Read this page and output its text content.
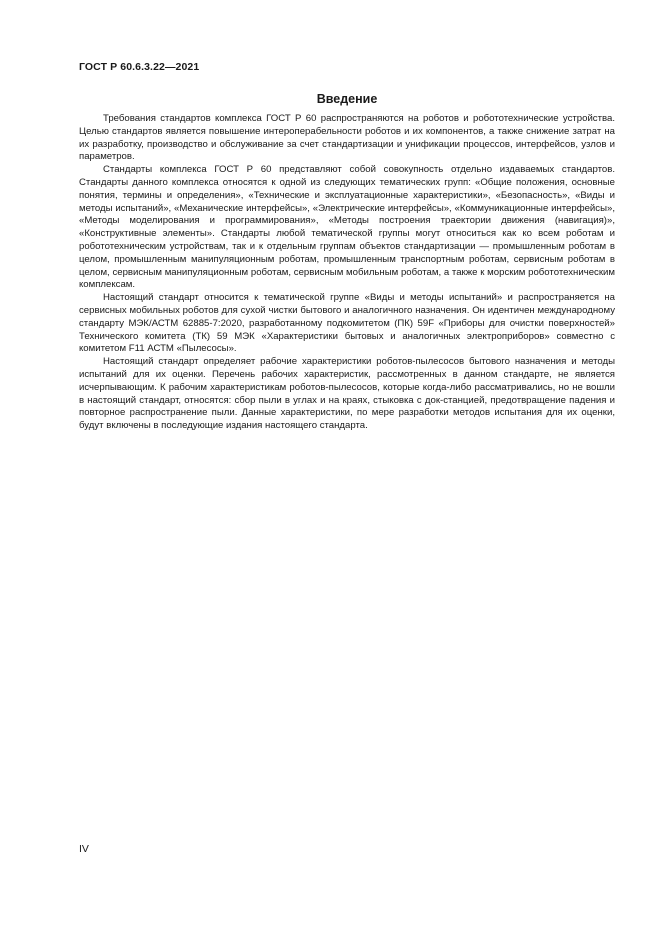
ГОСТ Р 60.6.3.22—2021
Введение

Требования стандартов комплекса ГОСТ Р 60 распространяются на роботов и робототехнические устройства. Целью стандартов является повышение интероперабельности роботов и их компонентов, а также снижение затрат на их разработку, производство и обслуживание за счет стандартизации и унификации процессов, интерфейсов, узлов и параметров.

Стандарты комплекса ГОСТ Р 60 представляют собой совокупность отдельно издаваемых стандартов. Стандарты данного комплекса относятся к одной из следующих тематических групп: «Общие положения, основные понятия, термины и определения», «Технические и эксплуатационные характеристики», «Безопасность», «Виды и методы испытаний», «Механические интерфейсы», «Электрические интерфейсы», «Коммуникационные интерфейсы», «Методы моделирования и программирования», «Методы построения траектории движения (навигация)», «Конструктивные элементы». Стандарты любой тематической группы могут относиться как ко всем роботам и робототехническим устройствам, так и к отдельным группам объектов стандартизации — промышленным роботам в целом, промышленным манипуляционным роботам, промышленным транспортным роботам, сервисным роботам в целом, сервисным манипуляционным роботам, сервисным мобильным роботам, а также к морским робототехническим комплексам.

Настоящий стандарт относится к тематической группе «Виды и методы испытаний» и распространяется на сервисных мобильных роботов для сухой чистки бытового и аналогичного назначения. Он идентичен международному стандарту МЭК/АСТМ 62885-7:2020, разработанному подкомитетом (ПК) 59F «Приборы для очистки поверхностей» Технического комитета (ТК) 59 МЭК «Характеристики бытовых и аналогичных электроприборов» совместно с комитетом F11 АСТМ «Пылесосы».

Настоящий стандарт определяет рабочие характеристики роботов-пылесосов бытового назначения и методы испытаний для их оценки. Перечень рабочих характеристик, рассмотренных в данном стандарте, не является исчерпывающим. К рабочим характеристикам роботов-пылесосов, которые когда-либо рассматривались, но не вошли в настоящий стандарт, относятся: сбор пыли в углах и на краях, стыковка с док-станцией, предотвращение падения и повторное распространение пыли. Данные характеристики, по мере разработки методов испытания для их оценки, будут включены в последующие издания настоящего стандарта.

IV
